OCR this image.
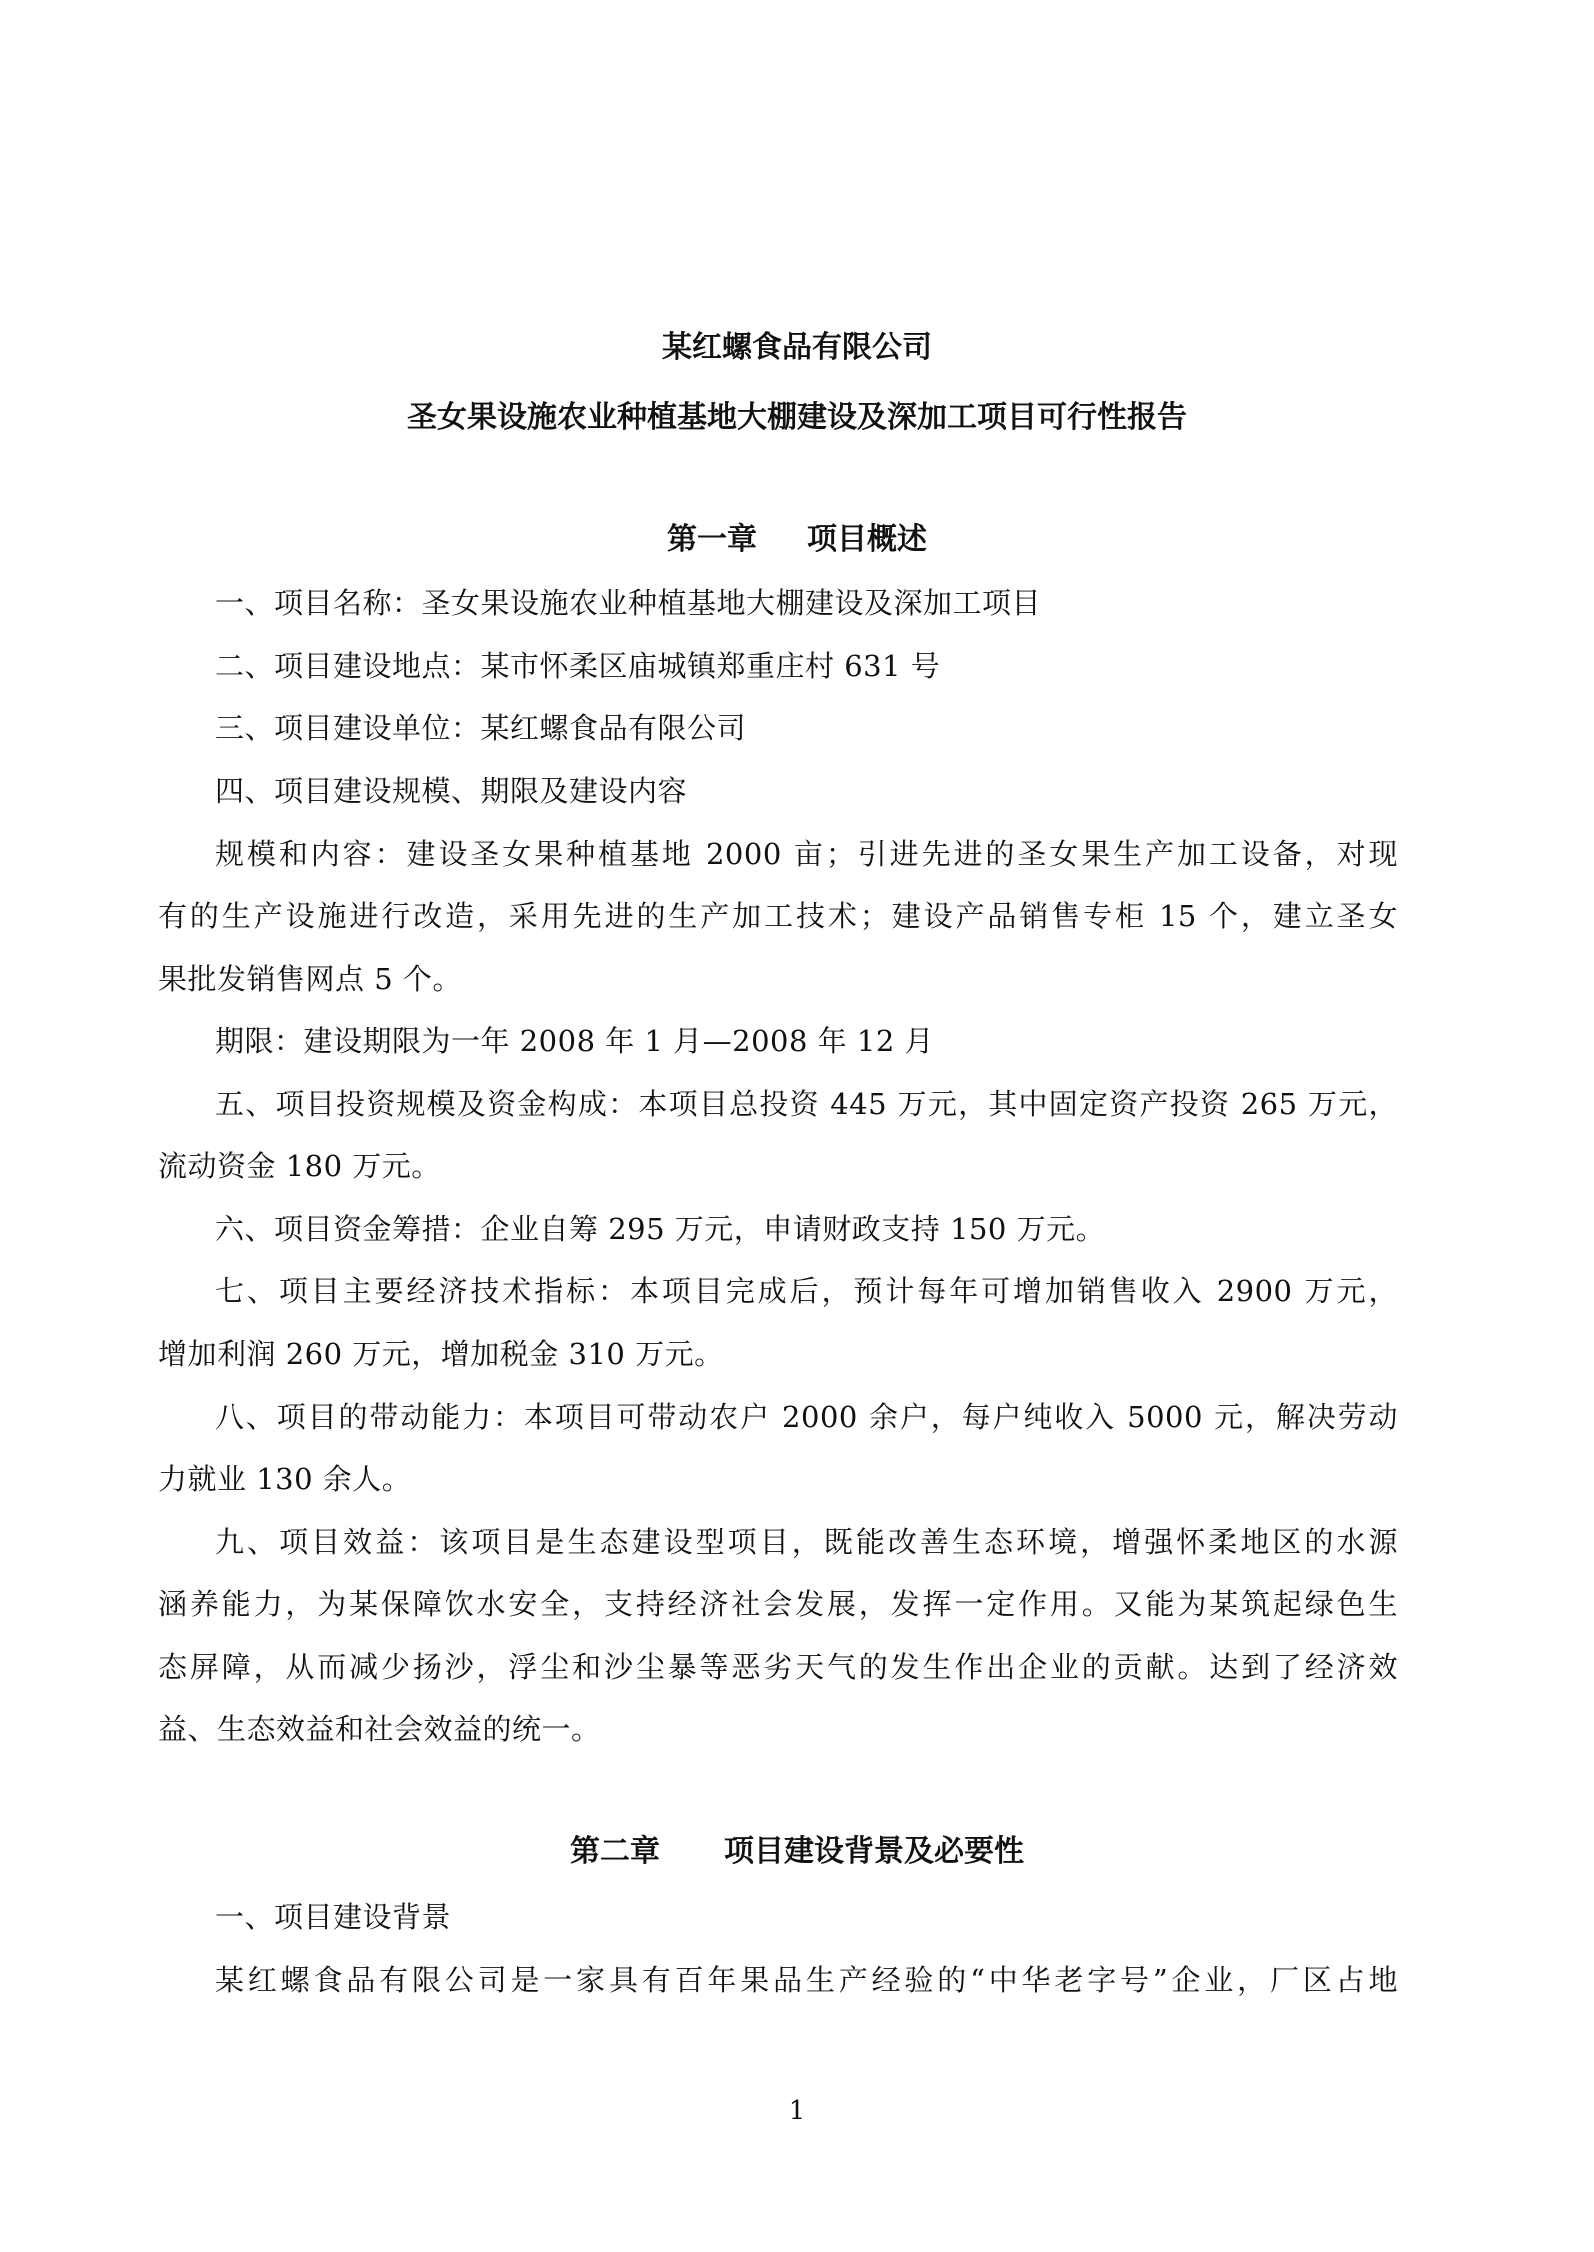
某红螺食品有限公司
圣女果设施农业种植基地大棚建设及深加工项目可行性报告
第一章 项目概述
一、项目名称：圣女果设施农业种植基地大棚建设及深加工项目
二、项目建设地点：某市怀柔区庙城镇郑重庄村 631 号
三、项目建设单位：某红螺食品有限公司
四、项目建设规模、期限及建设内容
规模和内容：建设圣女果种植基地 2000 亩；引进先进的圣女果生产加工设备，对现
有的生产设施进行改造，采用先进的生产加工技术；建设产品销售专柜 15 个，建立圣女
果批发销售网点 5 个。
期限：建设期限为一年 2008 年 1 月—2008 年 12 月
五、项目投资规模及资金构成：本项目总投资 445 万元，其中固定资产投资 265 万元，
流动资金 180 万元。
六、项目资金筹措：企业自筹 295 万元，申请财政支持 150 万元。
七、项目主要经济技术指标：本项目完成后，预计每年可增加销售收入 2900 万元，
增加利润 260 万元，增加税金 310 万元。
八、项目的带动能力：本项目可带动农户 2000 余户，每户纯收入 5000 元，解决劳动
力就业 130 余人。
九、项目效益：该项目是生态建设型项目，既能改善生态环境，增强怀柔地区的水源
涵养能力，为某保障饮水安全，支持经济社会发展，发挥一定作用。又能为某筑起绿色生
态屏障，从而减少扬沙，浮尘和沙尘暴等恶劣天气的发生作出企业的贡献。达到了经济效
益、生态效益和社会效益的统一。
第二章 项目建设背景及必要性
一、项目建设背景
某红螺食品有限公司是一家具有百年果品生产经验的“中华老字号”企业，厂区占地
1
